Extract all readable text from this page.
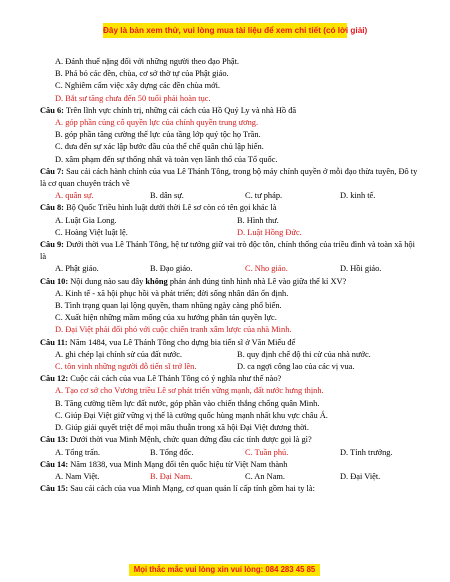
Đây là bản xem thử, vui lòng mua tài liệu để xem chi tiết (có lời giải)
A. Đánh thuế nặng đối với những người theo đạo Phật.
B. Phá bỏ các đền, chùa, cơ sở thờ tự của Phật giáo.
C. Nghiêm cấm việc xây dựng các đền chùa mới.
D. Bắt sư tăng chưa đến 50 tuổi phải hoàn tục.
Câu 6: Trên lĩnh vực chính trị, những cải cách của Hồ Quý Ly và nhà Hồ đã
A. góp phần củng cố quyền lực của chính quyền trung ương.
B. góp phần tăng cường thế lực của tầng lớp quý tộc họ Trần.
C. đưa đến sự xác lập bước đầu của thể chế quân chủ lập hiến.
D. xâm phạm đến sự thống nhất và toàn vẹn lãnh thổ của Tổ quốc.
Câu 7: Sau cải cách hành chính của vua Lê Thánh Tông, trong bộ máy chính quyền ở mỗi đạo thừa tuyên, Đô ty là cơ quan chuyên trách về
A. quân sự.	B. dân sự.	C. tư pháp.	D. kinh tế.
Câu 8: Bộ Quốc Triều hình luật dưới thời Lê sơ còn có tên gọi khác là
A. Luật Gia Long.	B. Hình thư.
C. Hoàng Việt luật lệ.	D. Luật Hồng Đức.
Câu 9: Dưới thời vua Lê Thánh Tông, hệ tư tưởng giữ vai trò độc tôn, chính thống của triều đình và toàn xã hội là
A. Phật giáo.	B. Đạo giáo.	C. Nho giáo.	D. Hồi giáo.
Câu 10: Nội dung nào sau đây không phản ánh đúng tình hình nhà Lê vào giữa thế kỉ XV?
A. Kinh tế - xã hội phục hồi và phát triển; đời sống nhân dân ổn định.
B. Tình trạng quan lại lộng quyền, tham nhũng ngày càng phổ biến.
C. Xuất hiện những mầm mống của xu hướng phân tán quyền lực.
D. Đại Việt phải đối phó với cuộc chiến tranh xâm lược của nhà Minh.
Câu 11: Năm 1484, vua Lê Thánh Tông cho dựng bia tiến sĩ ở Văn Miếu để
A. ghi chép lại chính sử của đất nước.	B. quy định chế độ thi cử của nhà nước.
C. tôn vinh những người đỗ tiến sĩ trở lên.	D. ca ngợi công lao của các vị vua.
Câu 12: Cuộc cải cách của vua Lê Thánh Tông có ý nghĩa như thế nào?
A. Tạo cơ sở cho Vương triều Lê sơ phát triển vững mạnh, đất nước hưng thịnh.
B. Tăng cường tiềm lực đất nước, góp phần vào chiến thắng chống quân Minh.
C. Giúp Đại Việt giữ vững vị thế là cường quốc hùng mạnh nhất khu vực châu Á.
D. Giúp giải quyết triệt để mọi mâu thuẫn trong xã hội Đại Việt đương thời.
Câu 13: Dưới thời vua Minh Mệnh, chức quan đứng đầu các tỉnh được gọi là gì?
A. Tổng trấn.	B. Tổng đốc.	C. Tuần phủ.	D. Tỉnh trưởng.
Câu 14: Năm 1838, vua Minh Mạng đổi tên quốc hiệu từ Việt Nam thành
A. Nam Việt.	B. Đại Nam.	C. An Nam.	D. Đại Việt.
Câu 15: Sau cải cách của vua Minh Mạng, cơ quan quản lí cấp tỉnh gồm hai ty là:
Mọi thắc mắc vui lòng xin vui lòng: 084 283 45 85
